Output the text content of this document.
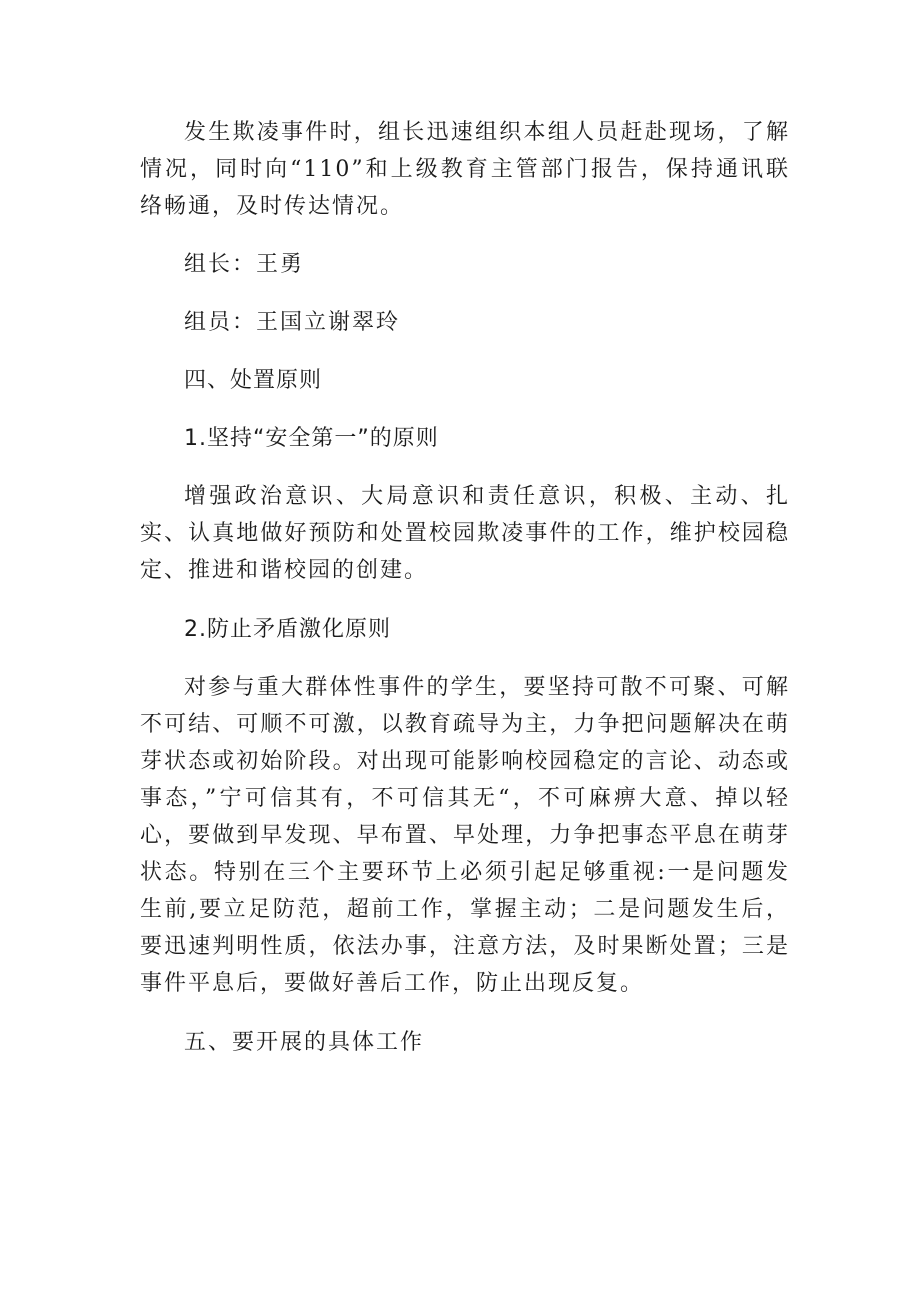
发生欺凌事件时，组长迅速组织本组人员赶赴现场，了解情况，同时向“110”和上级教育主管部门报告，保持通讯联络畅通，及时传达情况。

组长：王勇

组员：王国立谢翠玲

四、处置原则

1.坚持“安全第一”的原则

增强政治意识、大局意识和责任意识，积极、主动、扎实、认真地做好预防和处置校园欺凌事件的工作，维护校园稳定、推进和谐校园的创建。

2.防止矛盾激化原则

对参与重大群体性事件的学生，要坚持可散不可聚、可解不可结、可顺不可激，以教育疏导为主，力争把问题解决在萌芽状态或初始阶段。对出现可能影响校园稳定的言论、动态或事态，”宁可信其有，不可信其无“，不可麻痹大意、掉以轻心，要做到早发现、早布置、早处理，力争把事态平息在萌芽状态。特别在三个主要环节上必须引起足够重视:一是问题发生前,要立足防范，超前工作，掌握主动；二是问题发生后，要迅速判明性质，依法办事，注意方法，及时果断处置；三是事件平息后，要做好善后工作，防止出现反复。

五、要开展的具体工作
